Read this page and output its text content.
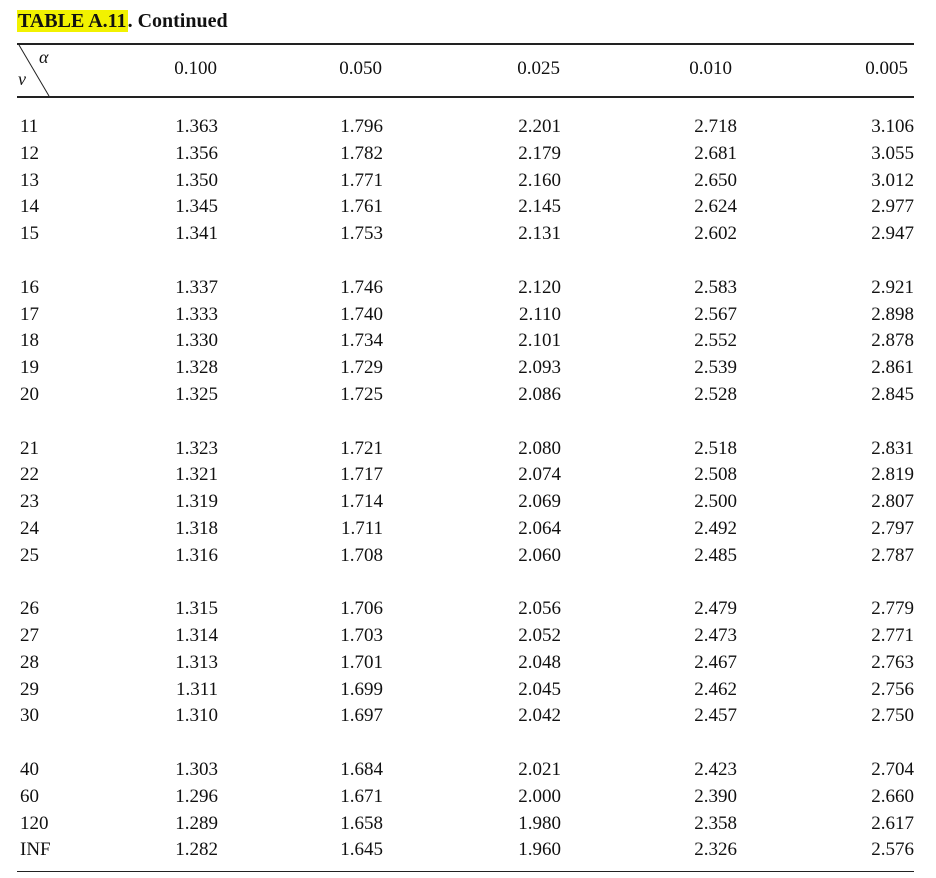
TABLE A.11. Continued
α
ν	0.100	0.050	0.025	0.010	0.005
11	1.363	1.796	2.201	2.718	3.106
12	1.356	1.782	2.179	2.681	3.055
13	1.350	1.771	2.160	2.650	3.012
14	1.345	1.761	2.145	2.624	2.977
15	1.341	1.753	2.131	2.602	2.947
16	1.337	1.746	2.120	2.583	2.921
17	1.333	1.740	2.110	2.567	2.898
18	1.330	1.734	2.101	2.552	2.878
19	1.328	1.729	2.093	2.539	2.861
20	1.325	1.725	2.086	2.528	2.845
21	1.323	1.721	2.080	2.518	2.831
22	1.321	1.717	2.074	2.508	2.819
23	1.319	1.714	2.069	2.500	2.807
24	1.318	1.711	2.064	2.492	2.797
25	1.316	1.708	2.060	2.485	2.787
26	1.315	1.706	2.056	2.479	2.779
27	1.314	1.703	2.052	2.473	2.771
28	1.313	1.701	2.048	2.467	2.763
29	1.311	1.699	2.045	2.462	2.756
30	1.310	1.697	2.042	2.457	2.750
40	1.303	1.684	2.021	2.423	2.704
60	1.296	1.671	2.000	2.390	2.660
120	1.289	1.658	1.980	2.358	2.617
INF	1.282	1.645	1.960	2.326	2.576
